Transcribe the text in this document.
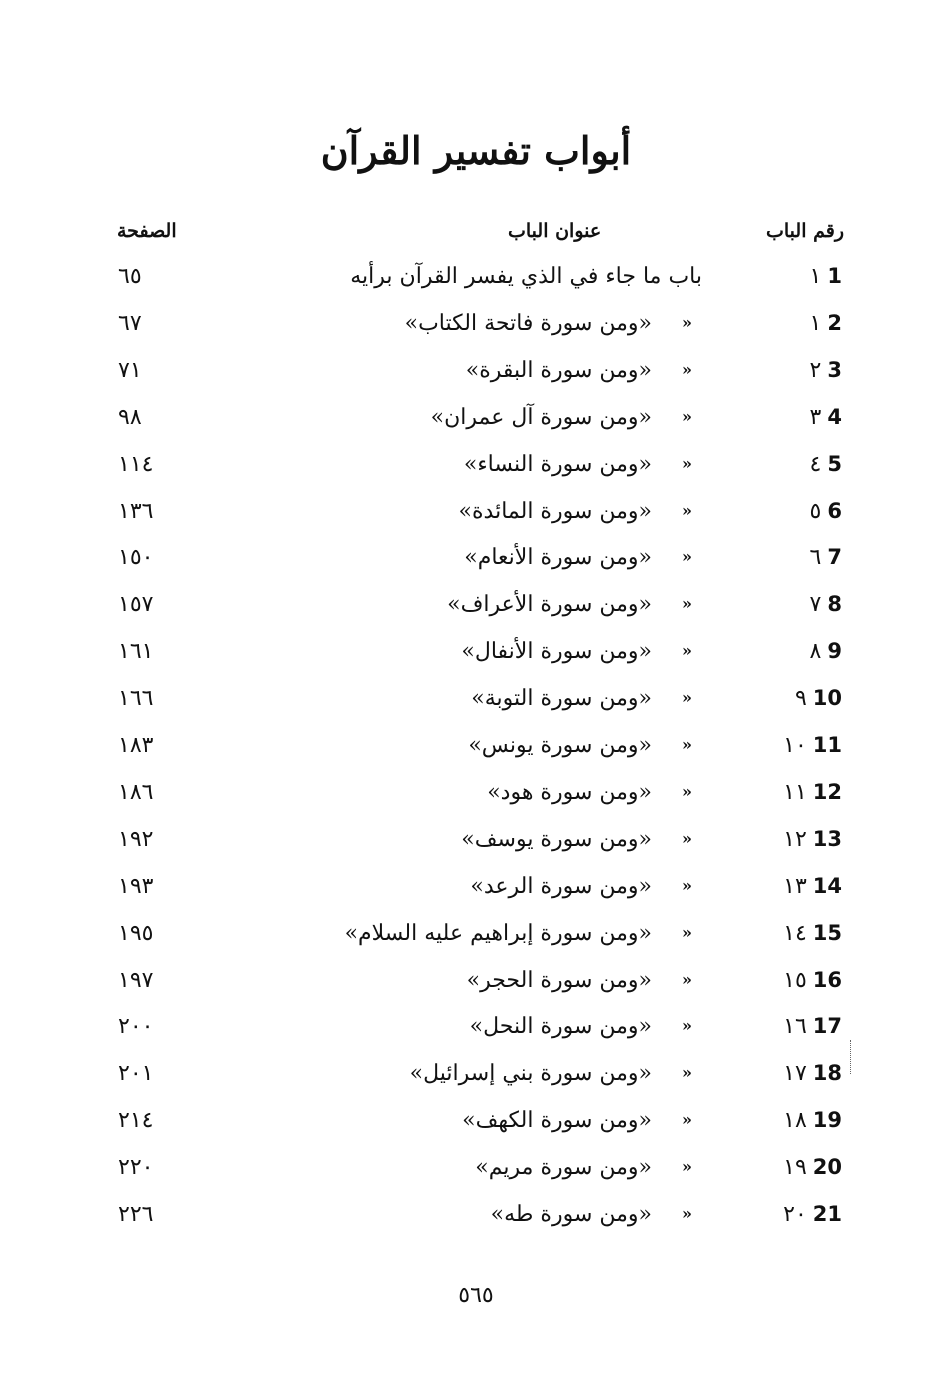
أبواب تفسير القرآن
رقم الباب
عنوان الباب
الصفحة
١ 1
باب ما جاء في الذي يفسر القرآن برأيه
٦٥
١ 2
»
«ومن سورة فاتحة الكتاب»
٦٧
٢ 3
»
«ومن سورة البقرة»
٧١
٣ 4
»
«ومن سورة آل عمران»
٩٨
٤ 5
»
«ومن سورة النساء»
١١٤
٥ 6
»
«ومن سورة المائدة»
١٣٦
٦ 7
»
«ومن سورة الأنعام»
١٥٠
٧ 8
»
«ومن سورة الأعراف»
١٥٧
٨ 9
»
«ومن سورة الأنفال»
١٦١
٩ 10
»
«ومن سورة التوبة»
١٦٦
١٠ 11
»
«ومن سورة يونس»
١٨٣
١١ 12
»
«ومن سورة هود»
١٨٦
١٢ 13
»
«ومن سورة يوسف»
١٩٢
١٣ 14
»
«ومن سورة الرعد»
١٩٣
١٤ 15
»
«ومن سورة إبراهيم عليه السلام»
١٩٥
١٥ 16
»
«ومن سورة الحجر»
١٩٧
١٦ 17
»
«ومن سورة النحل»
٢٠٠
١٧ 18
»
«ومن سورة بني إسرائيل»
٢٠١
١٨ 19
»
«ومن سورة الكهف»
٢١٤
١٩ 20
»
«ومن سورة مريم»
٢٢٠
٢٠ 21
»
«ومن سورة طه»
٢٢٦
٥٦٥
